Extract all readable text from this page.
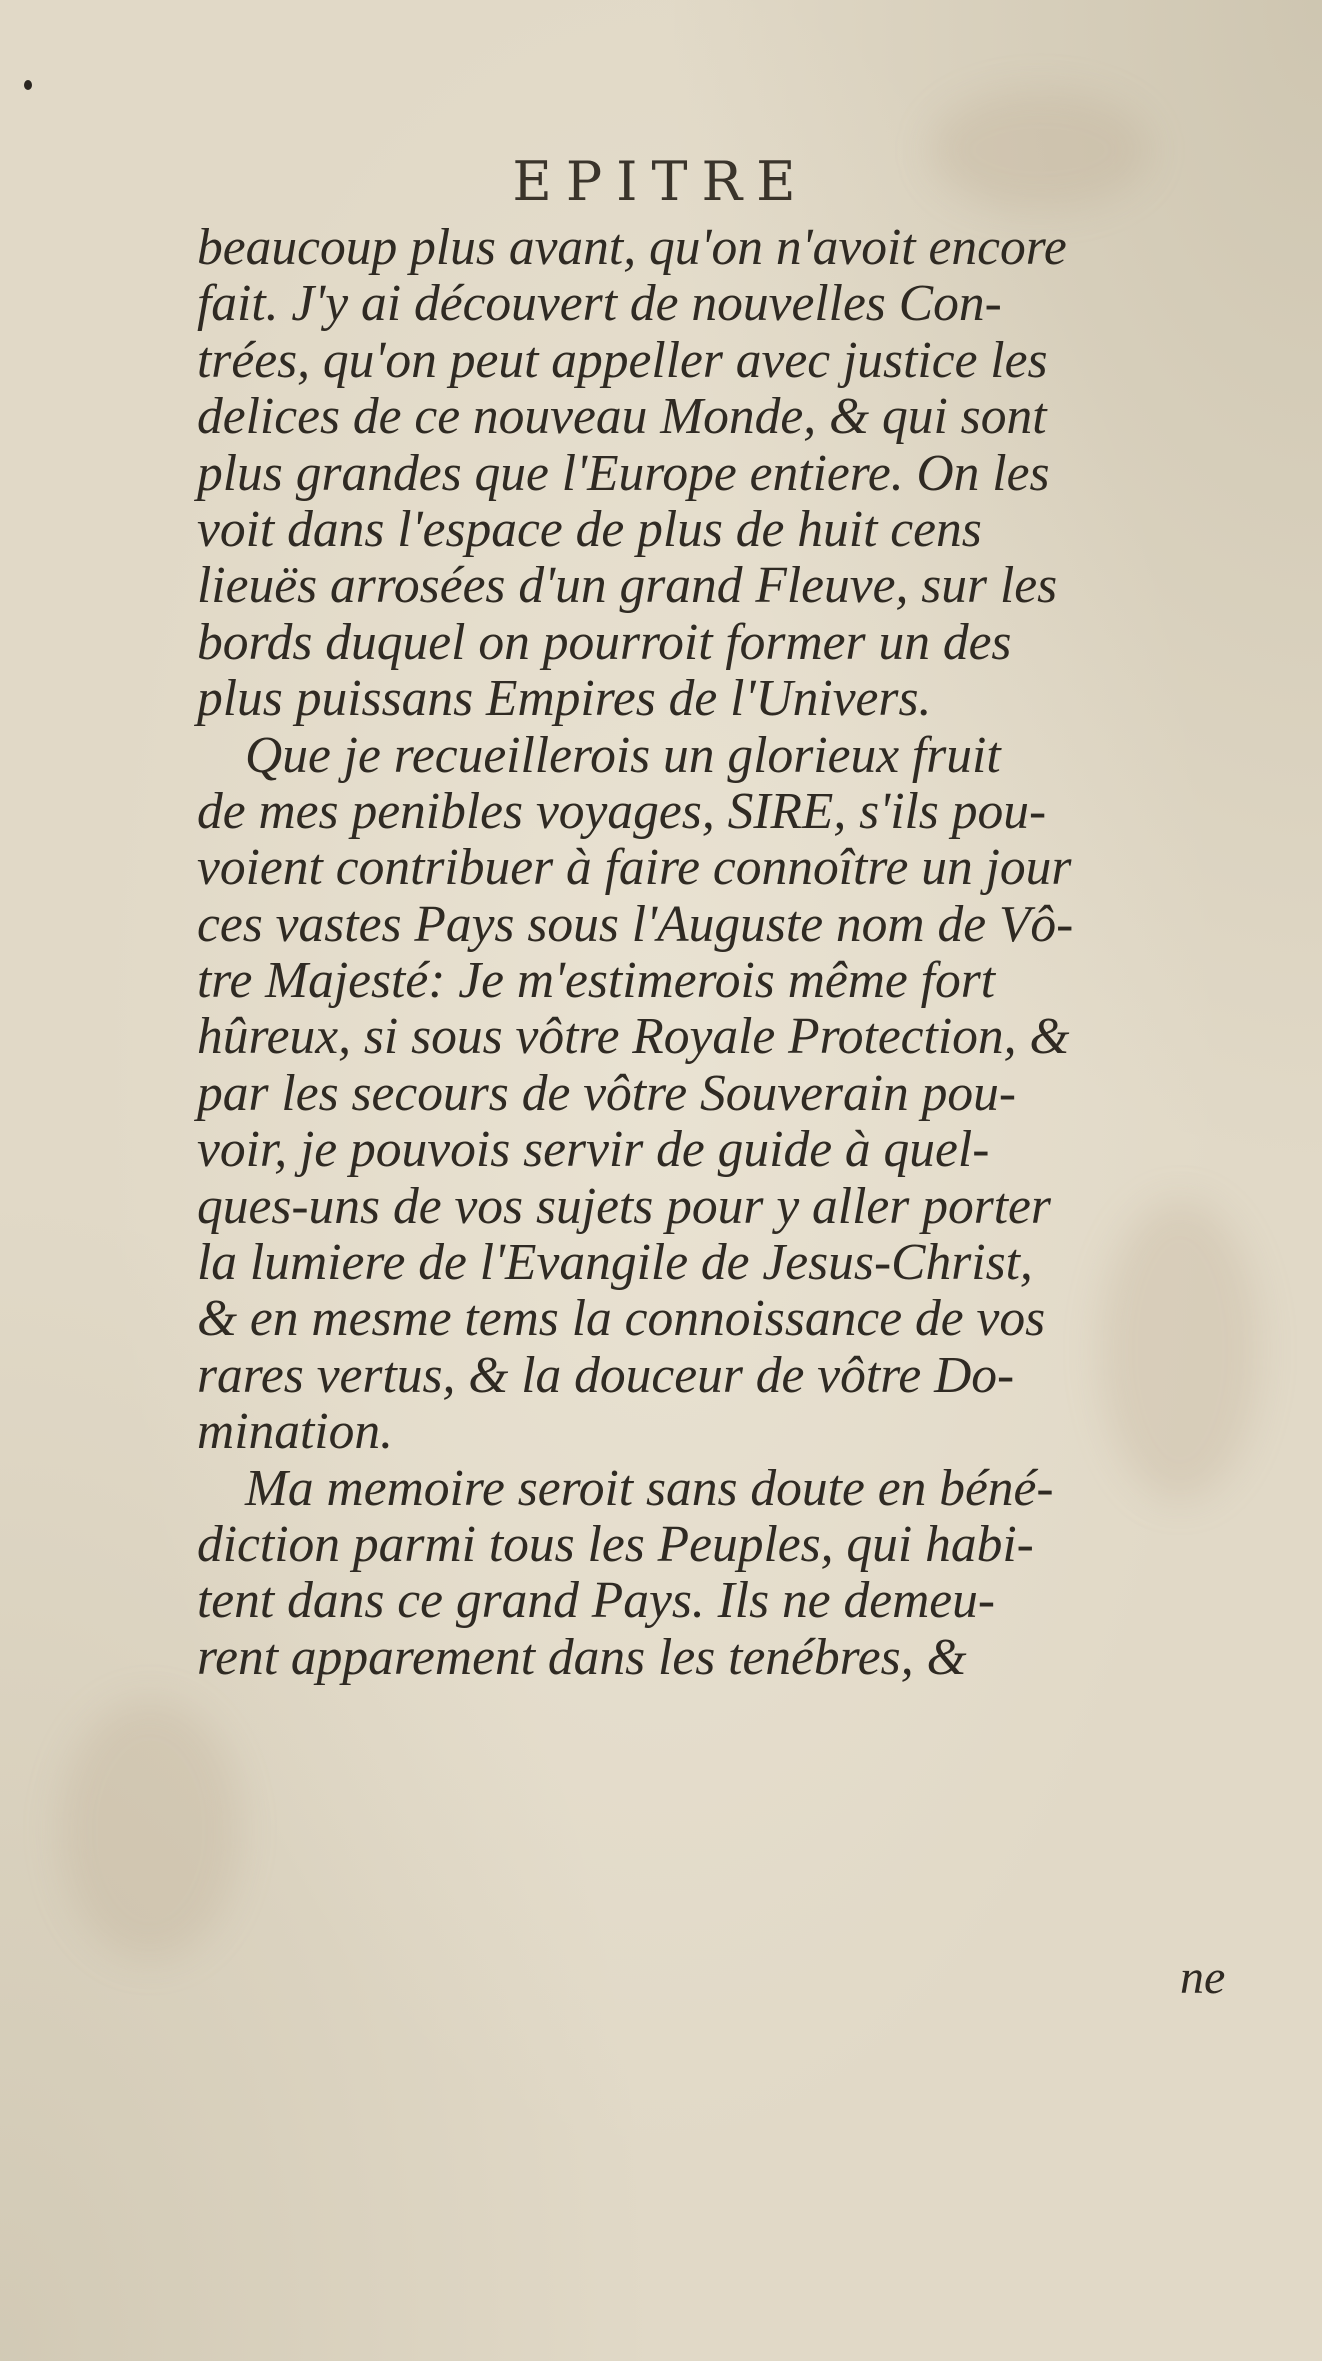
EPITRE
beaucoup plus avant, qu'on n'avoit encore
fait. J'y ai découvert de nouvelles Con-
trées, qu'on peut appeller avec justice les
delices de ce nouveau Monde, & qui sont
plus grandes que l'Europe entiere. On les
voit dans l'espace de plus de huit cens
lieuës arrosées d'un grand Fleuve, sur les
bords duquel on pourroit former un des
plus puissans Empires de l'Univers.
Que je recueillerois un glorieux fruit
de mes penibles voyages, SIRE, s'ils pou-
voient contribuer à faire connoître un jour
ces vastes Pays sous l'Auguste nom de Vô-
tre Majesté: Je m'estimerois même fort
hûreux, si sous vôtre Royale Protection, &
par les secours de vôtre Souverain pou-
voir, je pouvois servir de guide à quel-
ques-uns de vos sujets pour y aller porter
la lumiere de l'Evangile de Jesus-Christ,
& en mesme tems la connoissance de vos
rares vertus, & la douceur de vôtre Do-
mination.
Ma memoire seroit sans doute en béné-
diction parmi tous les Peuples, qui habi-
tent dans ce grand Pays. Ils ne demeu-
rent apparement dans les tenébres, &
ne
